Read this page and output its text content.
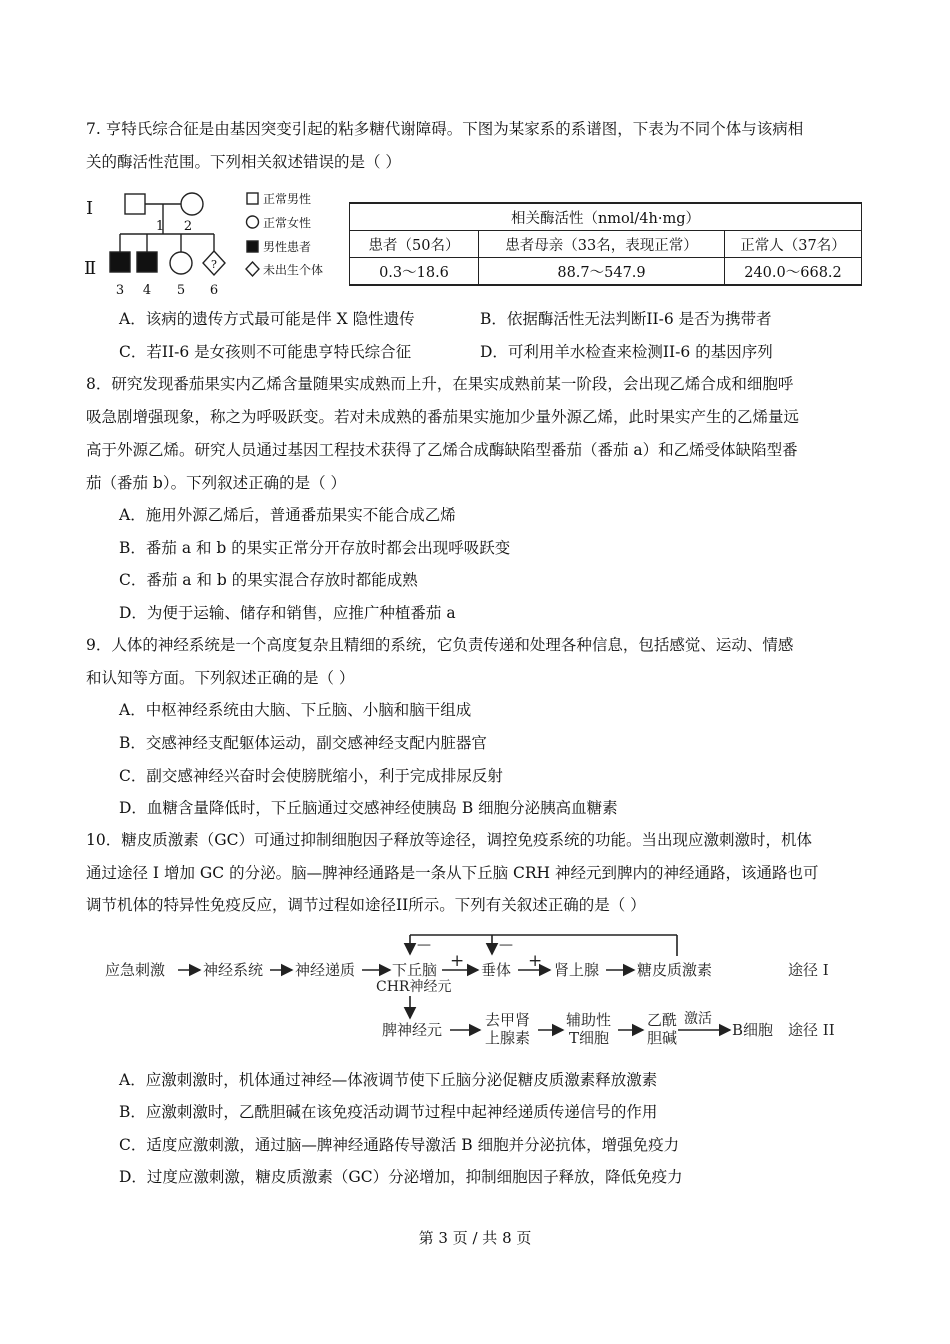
7. 亨特氏综合征是由基因突变引起的粘多糖代谢障碍。下图为某家系的系谱图，下表为不同个体与该病相
关的酶活性范围。下列相关叙述错误的是（ ）
I
Ⅱ
1 2
3 4 5 6
?
正常男性
正常女性
男性患者
未出生个体
相关酶活性（nmol/4h·mg）		
患者（50名）	患者母亲（33名，表现正常）	正常人（37名）
0.3～18.6	88.7～547.9	240.0～668.2
A．该病的遗传方式最可能是伴 X 隐性遗传	B．依据酶活性无法判断II-6 是否为携带者
C．若II-6 是女孩则不可能患亨特氏综合征	D．可利用羊水检查来检测II-6 的基因序列
8．研究发现番茄果实内乙烯含量随果实成熟而上升，在果实成熟前某一阶段，会出现乙烯合成和细胞呼
吸急剧增强现象，称之为呼吸跃变。若对未成熟的番茄果实施加少量外源乙烯，此时果实产生的乙烯量远
高于外源乙烯。研究人员通过基因工程技术获得了乙烯合成酶缺陷型番茄（番茄 a）和乙烯受体缺陷型番
茄（番茄 b）。下列叙述正确的是（ ）
A．施用外源乙烯后，普通番茄果实不能合成乙烯
B．番茄 a 和 b 的果实正常分开存放时都会出现呼吸跃变
C．番茄 a 和 b 的果实混合存放时都能成熟
D．为便于运输、储存和销售，应推广种植番茄 a
9．人体的神经系统是一个高度复杂且精细的系统，它负责传递和处理各种信息，包括感觉、运动、情感
和认知等方面。下列叙述正确的是（ ）
A．中枢神经系统由大脑、下丘脑、小脑和脑干组成
B．交感神经支配躯体运动，副交感神经支配内脏器官
C．副交感神经兴奋时会使膀胱缩小，利于完成排尿反射
D．血糖含量降低时，下丘脑通过交感神经使胰岛 B 细胞分泌胰高血糖素
10．糖皮质激素（GC）可通过抑制细胞因子释放等途径，调控免疫系统的功能。当出现应激刺激时，机体
通过途径 I 增加 GC 的分泌。脑—脾神经通路是一条从下丘脑 CRH 神经元到脾内的神经通路，该通路也可
调节机体的特异性免疫反应，调节过程如途径II所示。下列有关叙述正确的是（ ）
—	—
+	+
应急刺激	神经系统 神经递质 下丘脑
CHR神经元
垂体	肾上腺	糖皮质激素	途径 I
脾神经元
去甲肾
上腺素
辅助性
T细胞
乙酰
胆碱
激活
B细胞 途径 II
A．应激刺激时，机体通过神经—体液调节使下丘脑分泌促糖皮质激素释放激素
B．应激刺激时，乙酰胆碱在该免疫活动调节过程中起神经递质传递信号的作用
C．适度应激刺激，通过脑—脾神经通路传导激活 B 细胞并分泌抗体，增强免疫力
D．过度应激刺激，糖皮质激素（GC）分泌增加，抑制细胞因子释放，降低免疫力
第 3 页 / 共 8 页
